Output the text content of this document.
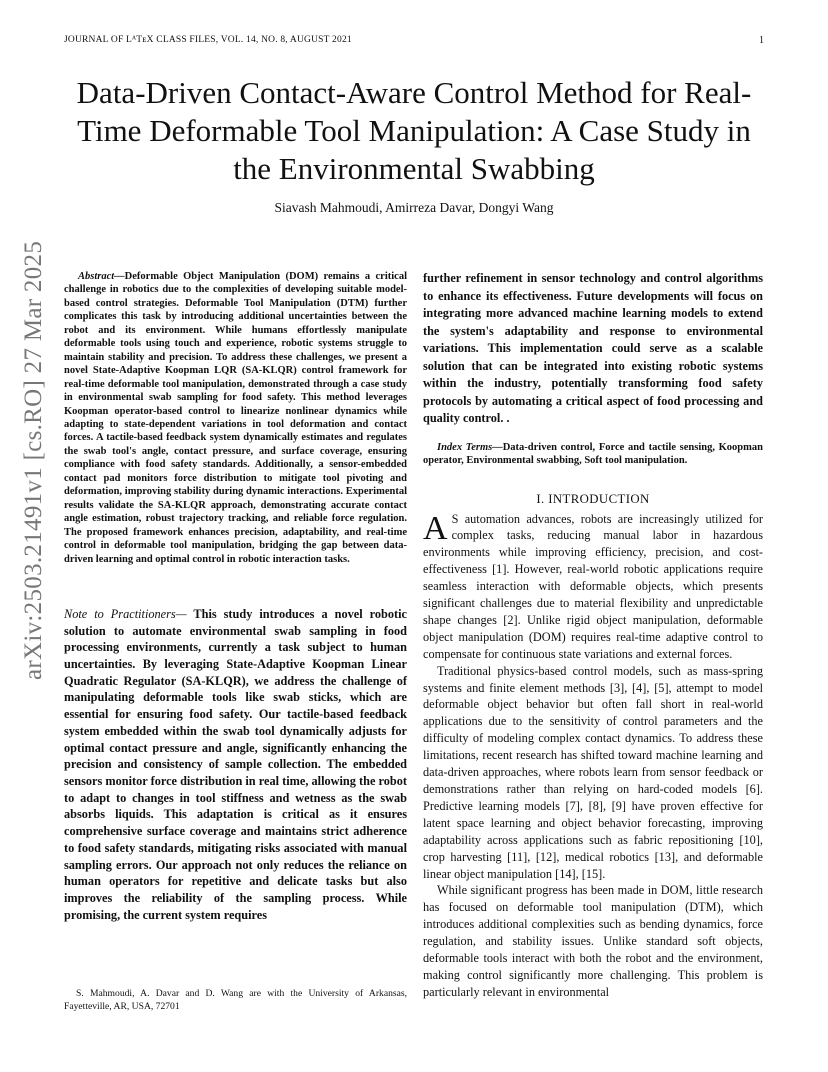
JOURNAL OF LᴬTᴇX CLASS FILES, VOL. 14, NO. 8, AUGUST 2021	1
Data-Driven Contact-Aware Control Method for Real-Time Deformable Tool Manipulation: A Case Study in the Environmental Swabbing
Siavash Mahmoudi, Amirreza Davar, Dongyi Wang
arXiv:2503.21491v1 [cs.RO] 27 Mar 2025	Abstract—Deformable Object Manipulation (DOM) remains a critical challenge in robotics due to the complexities of developing suitable model-based control strategies. Deformable Tool Manipulation (DTM) further complicates this task by introducing additional uncertainties between the robot and its environment. While humans effortlessly manipulate deformable tools using touch and experience, robotic systems struggle to maintain stability and precision. To address these challenges, we present a novel State-Adaptive Koopman LQR (SA-KLQR) control framework for real-time deformable tool manipulation, demonstrated through a case study in environmental swab sampling for food safety. This method leverages Koopman operator-based control to linearize nonlinear dynamics while adapting to state-dependent variations in tool deformation and contact forces. A tactile-based feedback system dynamically estimates and regulates the swab tool's angle, contact pressure, and surface coverage, ensuring compliance with food safety standards. Additionally, a sensor-embedded contact pad monitors force distribution to mitigate tool pivoting and deformation, improving stability during dynamic interactions. Experimental results validate the SA-KLQR approach, demonstrating accurate contact angle estimation, robust trajectory tracking, and reliable force regulation. The proposed framework enhances precision, adaptability, and real-time control in deformable tool manipulation, bridging the gap between data-driven learning and optimal control in robotic interaction tasks.

Note to Practitioners— This study introduces a novel robotic solution to automate environmental swab sampling in food processing environments, currently a task subject to human uncertainties. By leveraging State-Adaptive Koopman Linear Quadratic Regulator (SA-KLQR), we address the challenge of manipulating deformable tools like swab sticks, which are essential for ensuring food safety. Our tactile-based feedback system embedded within the swab tool dynamically adjusts for optimal contact pressure and angle, significantly enhancing the precision and consistency of sample collection. The embedded sensors monitor force distribution in real time, allowing the robot to adapt to changes in tool stiffness and wetness as the swab absorbs liquids. This adaptation is critical as it ensures comprehensive surface coverage and maintains strict adherence to food safety standards, mitigating risks associated with manual sampling errors. Our approach not only reduces the reliance on human operators for repetitive and delicate tasks but also improves the reliability of the sampling process. While promising, the current system requires

S. Mahmoudi, A. Davar and D. Wang are with the University of Arkansas, Fayetteville, AR, USA, 72701

further refinement in sensor technology and control algorithms to enhance its effectiveness. Future developments will focus on integrating more advanced machine learning models to extend the system's adaptability and response to environmental variations. This implementation could serve as a scalable solution that can be integrated into existing robotic systems within the industry, potentially transforming food safety protocols by automating a critical aspect of food processing and quality control. .

Index Terms—Data-driven control, Force and tactile sensing, Koopman operator, Environmental swabbing, Soft tool manipulation.

I. INTRODUCTION

A S automation advances, robots are increasingly utilized for complex tasks, reducing manual labor in hazardous environments while improving efficiency, precision, and cost-effectiveness [1]. However, real-world robotic applications require seamless interaction with deformable objects, which presents significant challenges due to material flexibility and unpredictable shape changes [2]. Unlike rigid object manipulation, deformable object manipulation (DOM) requires real-time adaptive control to compensate for continuous state variations and external forces.

Traditional physics-based control models, such as mass-spring systems and finite element methods [3], [4], [5], attempt to model deformable object behavior but often fall short in real-world applications due to the sensitivity of control parameters and the difficulty of modeling complex contact dynamics. To address these limitations, recent research has shifted toward machine learning and data-driven approaches, where robots learn from sensor feedback or demonstrations rather than relying on hard-coded models [6]. Predictive learning models [7], [8], [9] have proven effective for latent space learning and object behavior forecasting, improving adaptability across applications such as fabric repositioning [10], crop harvesting [11], [12], medical robotics [13], and deformable linear object manipulation [14], [15].

While significant progress has been made in DOM, little research has focused on deformable tool manipulation (DTM), which introduces additional complexities such as bending dynamics, force regulation, and stability issues. Unlike standard soft objects, deformable tools interact with both the robot and the environment, making control significantly more challenging. This problem is particularly relevant in environmental
